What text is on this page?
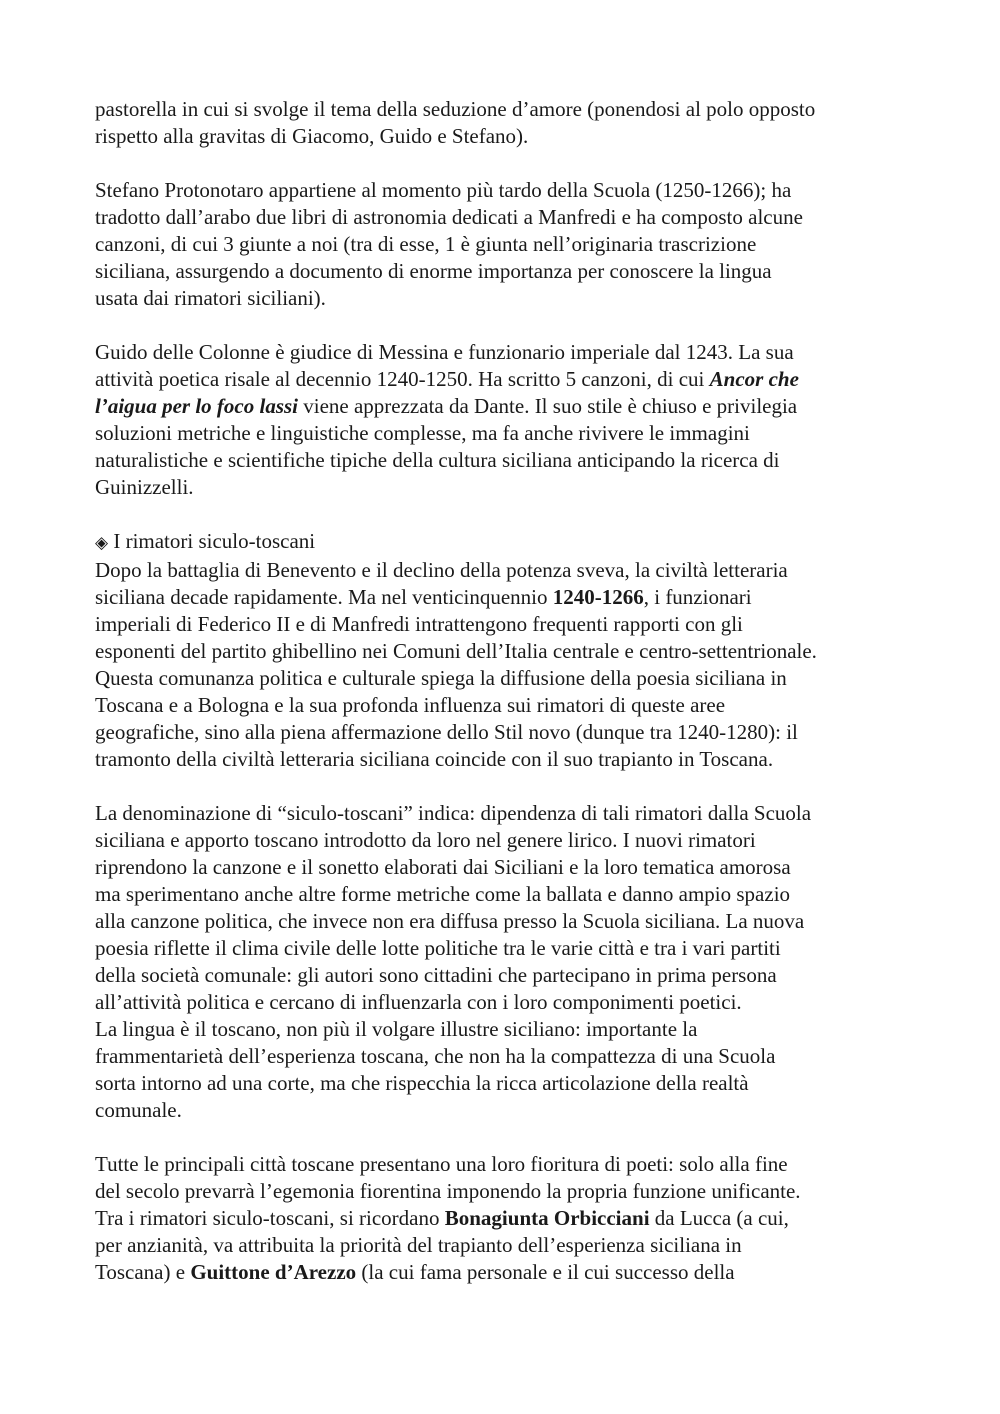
pastorella in cui si svolge il tema della seduzione d’amore (ponendosi al polo opposto
rispetto alla gravitas di Giacomo, Guido e Stefano).
Stefano Protonotaro appartiene al momento più tardo della Scuola (1250-1266); ha
tradotto dall’arabo due libri di astronomia dedicati a Manfredi e ha composto alcune
canzoni, di cui 3 giunte a noi (tra di esse, 1 è giunta nell’originaria trascrizione
siciliana, assurgendo a documento di enorme importanza per conoscere la lingua
usata dai rimatori siciliani).
Guido delle Colonne è giudice di Messina e funzionario imperiale dal 1243. La sua
attività poetica risale al decennio 1240-1250. Ha scritto 5 canzoni, di cui Ancor che
l’aigua per lo foco lassi viene apprezzata da Dante. Il suo stile è chiuso e privilegia
soluzioni metriche e linguistiche complesse, ma fa anche rivivere le immagini
naturalistiche e scientifiche tipiche della cultura siciliana anticipando la ricerca di
Guinizzelli.
◈ I rimatori siculo-toscani
Dopo la battaglia di Benevento e il declino della potenza sveva, la civiltà letteraria
siciliana decade rapidamente. Ma nel venticinquennio 1240-1266, i funzionari
imperiali di Federico II e di Manfredi intrattengono frequenti rapporti con gli
esponenti del partito ghibellino nei Comuni dell’Italia centrale e centro-settentrionale.
Questa comunanza politica e culturale spiega la diffusione della poesia siciliana in
Toscana e a Bologna e la sua profonda influenza sui rimatori di queste aree
geografiche, sino alla piena affermazione dello Stil novo (dunque tra 1240-1280): il
tramonto della civiltà letteraria siciliana coincide con il suo trapianto in Toscana.
La denominazione di “siculo-toscani” indica: dipendenza di tali rimatori dalla Scuola
siciliana e apporto toscano introdotto da loro nel genere lirico. I nuovi rimatori
riprendono la canzone e il sonetto elaborati dai Siciliani e la loro tematica amorosa
ma sperimentano anche altre forme metriche come la ballata e danno ampio spazio
alla canzone politica, che invece non era diffusa presso la Scuola siciliana. La nuova
poesia riflette il clima civile delle lotte politiche tra le varie città e tra i vari partiti
della società comunale: gli autori sono cittadini che partecipano in prima persona
all’attività politica e cercano di influenzarla con i loro componimenti poetici.
La lingua è il toscano, non più il volgare illustre siciliano: importante la
frammentarietà dell’esperienza toscana, che non ha la compattezza di una Scuola
sorta intorno ad una corte, ma che rispecchia la ricca articolazione della realtà
comunale.
Tutte le principali città toscane presentano una loro fioritura di poeti: solo alla fine
del secolo prevarrà l’egemonia fiorentina imponendo la propria funzione unificante.
Tra i rimatori siculo-toscani, si ricordano Bonagiunta Orbicciani da Lucca (a cui,
per anzianità, va attribuita la priorità del trapianto dell’esperienza siciliana in
Toscana) e Guittone d’Arezzo (la cui fama personale e il cui successo della
